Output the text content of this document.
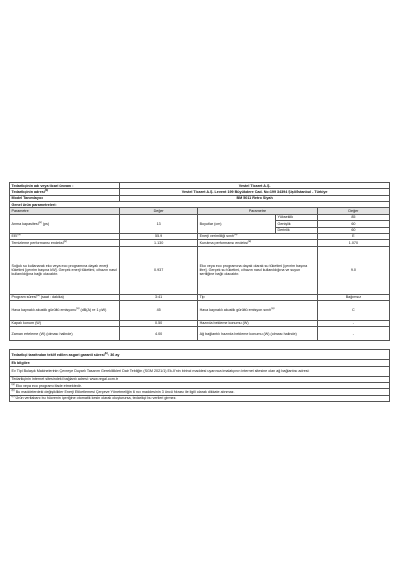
Tedarikçinin adı veya ticari ünvanı :	Vestel Ticaret A.Ş.
Tedarikçinin adresi$^{(b)}$	Vestel Ticaret A.Ş. Levent 199 Büyükdere Cad. No:199 34394 Şişli/İstanbul - Türkiye
Model Tanımlayıcı	BM 5011 Retro Siyah
Genel ürün parametreleri:	
Parametre	Değer	Parametre		Değer
Anma kapasitesi$^{(a)}$ (ps)	13	Boyutlar (cm)	Yükseklik	85
			Genişlik	60
			Derinlik	60
EEI$^{(a)}$	55.9	Enerji verimliliği sınıfı$^{(a)}$		E
Temizleme performansı endeksi$^{(a)}$	1.130	Kurutma performansı endeksi$^{(a)}$		1.070
Soğuk su kullanarak eko veya eco programına dayalı enerji tüketimi [çevrim başına kW]. Gerçek enerji tüketimi, cihazın nasıl kullanıldığına bağlı olacaktır.	0.937	Eko veya eco programına dayalı olarak su tüketimi [çevrim başına litre]. Gerçek su tüketimi, cihazın nasıl kullanıldığına ve suyun sertliğine bağlı olacaktır.		9.0
Program süresi$^{(a)}$ (saat : dakika)	3:41	Tip		Bağımsız
Hava kaynaklı akustik gürültü emisyonu$^{(a)}$ (dB(A) re 1 pW)	45	Hava kaynaklı akustik gürültü emisyon sınıfı$^{(a)}$		C
Kapalı konum (W)	0.50	Hazırda bekleme konumu (W)		-
Zaman erteleme (W) (olması halinde)	4.00	Ağ bağlantılı hazırda bekleme konumu (W) (olması halinde)		-
Tedarikçi tarafından teklif edilen asgari garanti süresi$^{(b)}$: 36 ay
Ek bilgiler:
Ev Tipi Bulaşık Makinelerinin Çevreye Duyarlı Tasarım Gereklilikleri Dair Tebliğin (SGM 2021/1) Ek-II'nin birinci maddesi uyarınca imalatçının internet sitesine olan ağ bağlantısı adresi:
Tedarikçinin internet sitesindeki bağlantı adresi: www.regal.com.tr
$^{(a)}$ Eko veya eco programı ifade etmektedir.
$^{(b)}$ Bu maddelerdeki değişiklikler Enerji Etiketlemesi Çerçeve Yönetmeliğin 6 ncı maddesinin 3 üncü fıkrası ile ilgili olarak dikkate alınmaz.
$^{(c)}$ Ürün verilabanı bu hücrenin içeriğine otomatik kesin olarak oluşturursa, tedarikçi bu verileri girmez.
